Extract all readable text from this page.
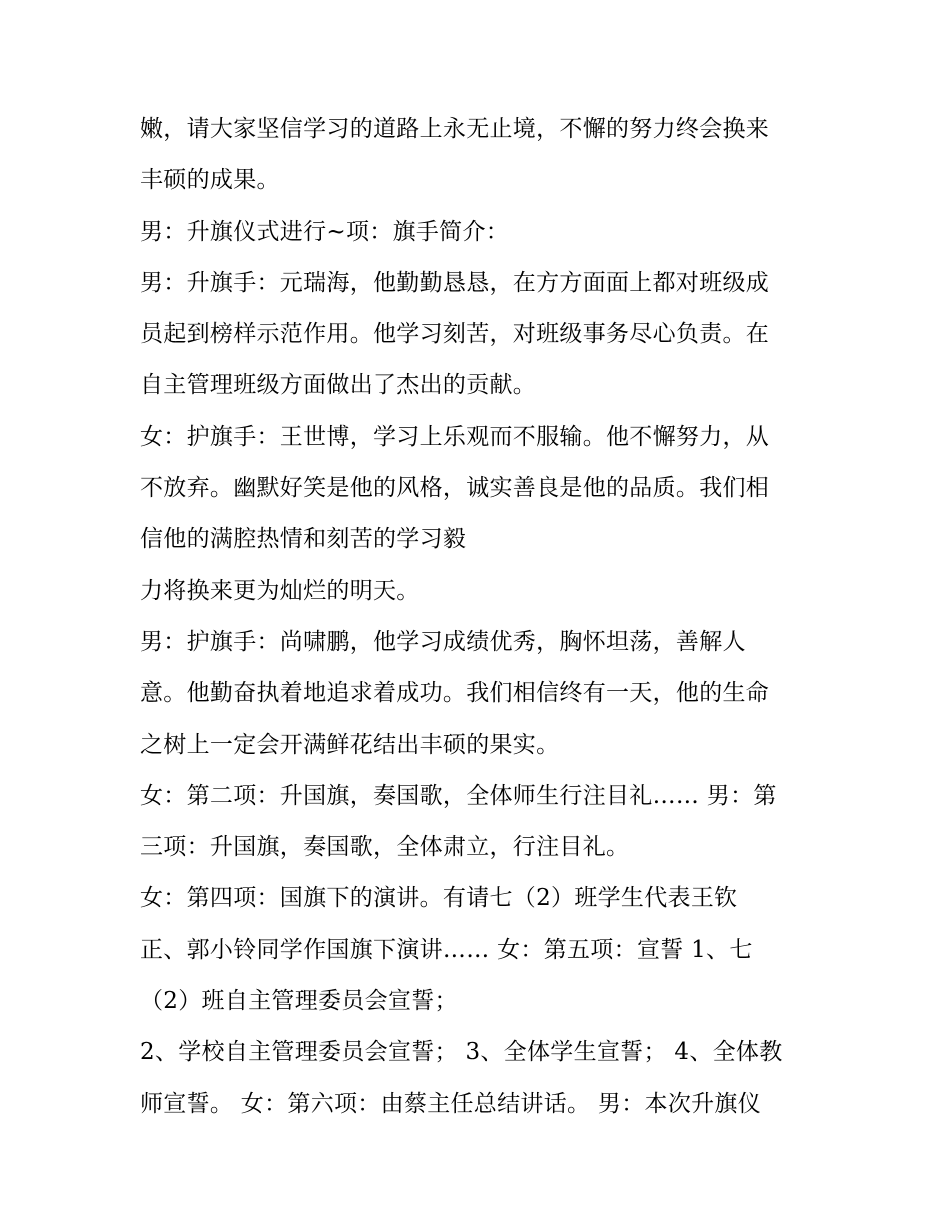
嫩，请大家坚信学习的道路上永无止境，不懈的努力终会换来
丰硕的成果。
男：升旗仪式进行~项：旗手简介：
男：升旗手：元瑞海，他勤勤恳恳，在方方面面上都对班级成
员起到榜样示范作用。他学习刻苦，对班级事务尽心负责。在
自主管理班级方面做出了杰出的贡献。
女：护旗手：王世博，学习上乐观而不服输。他不懈努力，从
不放弃。幽默好笑是他的风格，诚实善良是他的品质。我们相
信他的满腔热情和刻苦的学习毅
力将换来更为灿烂的明天。
男：护旗手：尚啸鹏，他学习成绩优秀，胸怀坦荡，善解人
意。他勤奋执着地追求着成功。我们相信终有一天，他的生命
之树上一定会开满鲜花结出丰硕的果实。
女：第二项：升国旗，奏国歌，全体师生行注目礼…… 男：第
三项：升国旗，奏国歌，全体肃立，行注目礼。
女：第四项：国旗下的演讲。有请七（2）班学生代表王钦
正、郭小铃同学作国旗下演讲…… 女：第五项：宣誓 1、七
（2）班自主管理委员会宣誓；
2、学校自主管理委员会宣誓； 3、全体学生宣誓； 4、全体教
师宣誓。 女：第六项：由蔡主任总结讲话。 男：本次升旗仪
